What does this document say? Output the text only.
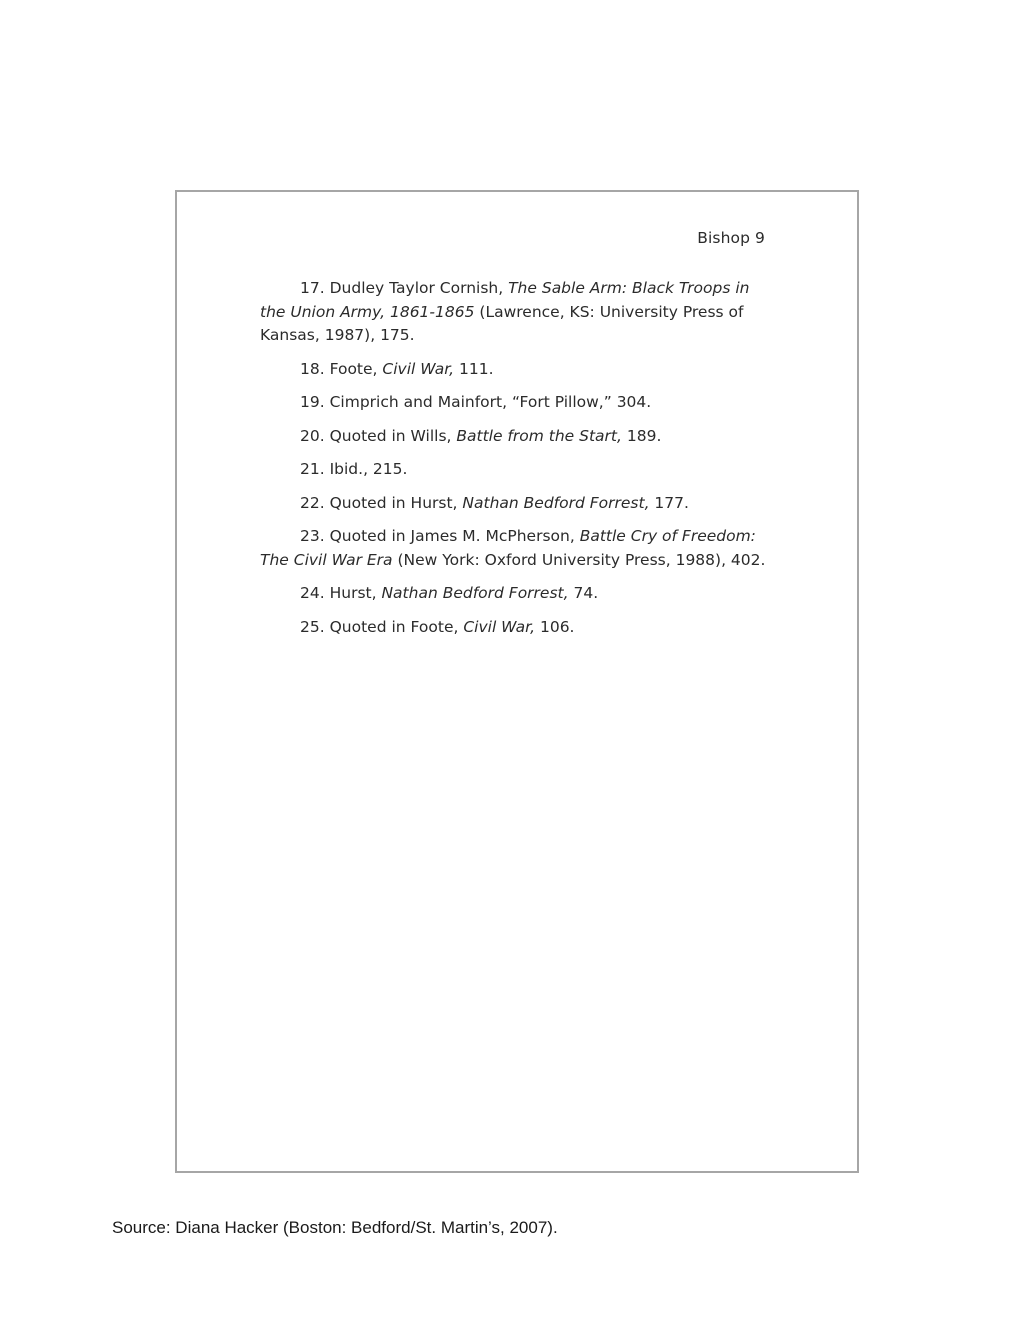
Bishop 9

17. Dudley Taylor Cornish, The Sable Arm: Black Troops in the Union Army, 1861-1865 (Lawrence, KS: University Press of Kansas, 1987), 175.

18. Foote, Civil War, 111.

19. Cimprich and Mainfort, “Fort Pillow,” 304.

20. Quoted in Wills, Battle from the Start, 189.

21. Ibid., 215.

22. Quoted in Hurst, Nathan Bedford Forrest, 177.

23. Quoted in James M. McPherson, Battle Cry of Freedom: The Civil War Era (New York: Oxford University Press, 1988), 402.

24. Hurst, Nathan Bedford Forrest, 74.

25. Quoted in Foote, Civil War, 106.

Source: Diana Hacker (Boston: Bedford/St. Martin’s, 2007).
